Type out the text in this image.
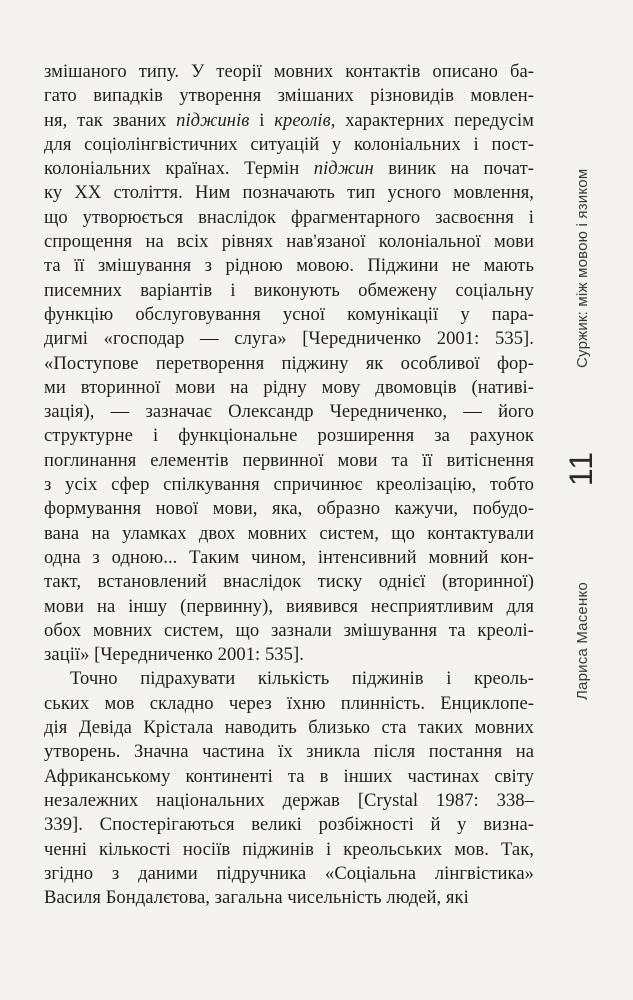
змішаного типу. У теорії мовних контактів описано ба-
гато випадків утворення змішаних різновидів мовлен-
ня, так званих піджинів і креолів, характерних передусім
для соціолінгвістичних ситуацій у колоніальних і пост-
колоніальних країнах. Термін піджин виник на почат-
ку XX століття. Ним позначають тип усного мовлення,
що утворюється внаслідок фрагментарного засвоєння і
спрощення на всіх рівнях нав'язаної колоніальної мови
та її змішування з рідною мовою. Піджини не мають
писемних варіантів і виконують обмежену соціальну
функцію обслуговування усної комунікації у пара-
дигмі «господар — слуга» [Чередниченко 2001: 535].
«Поступове перетворення піджину як особливої фор-
ми вторинної мови на рідну мову двомовців (нативі-
зація), — зазначає Олександр Чередниченко, — його
структурне і функціональне розширення за рахунок
поглинання елементів первинної мови та її витіснення
з усіх сфер спілкування спричинює креолізацію, тобто
формування нової мови, яка, образно кажучи, побудо-
вана на уламках двох мовних систем, що контактували
одна з одною... Таким чином, інтенсивний мовний кон-
такт, встановлений внаслідок тиску однієї (вторинної)
мови на іншу (первинну), виявився несприятливим для
обох мовних систем, що зазнали змішування та креолі-
зації» [Чередниченко 2001: 535].
Точно підрахувати кількість піджинів і креоль-
ських мов складно через їхню плинність. Енциклопе-
дія Девіда Крістала наводить близько ста таких мовних
утворень. Значна частина їх зникла після постання на
Африканському континенті та в інших частинах світу
незалежних національних держав [Crystal 1987: 338–
339]. Спостерігаються великі розбіжності й у визна-
ченні кількості носіїв піджинів і креольських мов. Так,
згідно з даними підручника «Соціальна лінгвістика»
Василя Бондалєтова, загальна чисельність людей, які
Суржик: між мовою і язиком
11
Лариса Масенко
